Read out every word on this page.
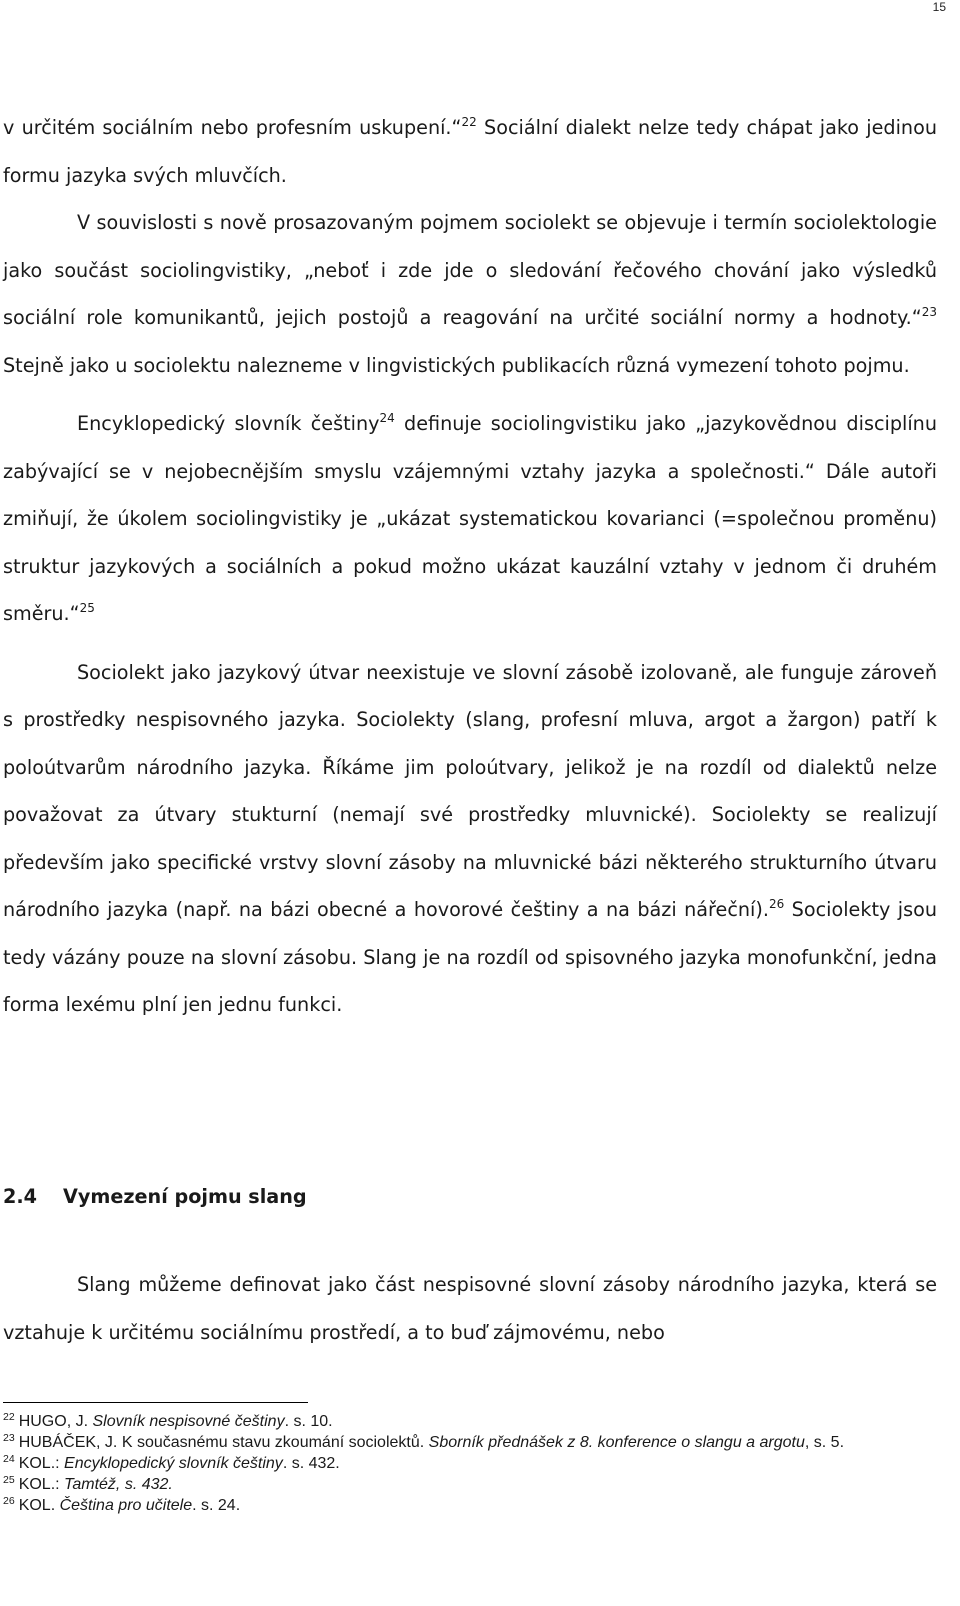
15

v určitém sociálním nebo profesním uskupení.“$^{22}$ Sociální dialekt nelze tedy chápat jako jedinou formu jazyka svých mluvčích.

V souvislosti s nově prosazovaným pojmem sociolekt se objevuje i termín sociolektologie jako součást sociolingvistiky, „neboť i zde jde o sledování řečového chování jako výsledků sociální role komunikantů, jejich postojů a reagování na určité sociální normy a hodnoty.“$^{23}$ Stejně jako u sociolektu nalezneme v lingvistických publikacích různá vymezení tohoto pojmu.

Encyklopedický slovník češtiny$^{24}$ definuje sociolingvistiku jako „jazykovědnou disciplínu zabývající se v nejobecnějším smyslu vzájemnými vztahy jazyka a společnosti.“ Dále autoři zmiňují, že úkolem sociolingvistiky je „ukázat systematickou kovarianci (=společnou proměnu) struktur jazykových a sociálních a pokud možno ukázat kauzální vztahy v jednom či druhém směru.“$^{25}$

Sociolekt jako jazykový útvar neexistuje ve slovní zásobě izolovaně, ale funguje zároveň s prostředky nespisovného jazyka. Sociolekty (slang, profesní mluva, argot a žargon) patří k poloútvarům národního jazyka. Říkáme jim poloútvary, jelikož je na rozdíl od dialektů nelze považovat za útvary stukturní (nemají své prostředky mluvnické). Sociolekty se realizují především jako specifické vrstvy slovní zásoby na mluvnické bázi některého strukturního útvaru národního jazyka (např. na bázi obecné a hovorové češtiny a na bázi nářeční).$^{26}$ Sociolekty jsou tedy vázány pouze na slovní zásobu. Slang je na rozdíl od spisovného jazyka monofunkční, jedna forma lexému plní jen jednu funkci.

2.4 Vymezení pojmu slang

Slang můžeme definovat jako část nespisovné slovní zásoby národního jazyka, která se vztahuje k určitému sociálnímu prostředí, a to buď zájmovému, nebo

$^{22}$ HUGO, J. Slovník nespisovné češtiny. s. 10.

$^{23}$ HUBÁČEK, J. K současnému stavu zkoumání sociolektů. Sborník přednášek z 8. konference o slangu a argotu, s. 5.

$^{24}$ KOL.: Encyklopedický slovník češtiny. s. 432.

$^{25}$ KOL.: Tamtéž, s. 432.

$^{26}$ KOL. Čeština pro učitele. s. 24.
